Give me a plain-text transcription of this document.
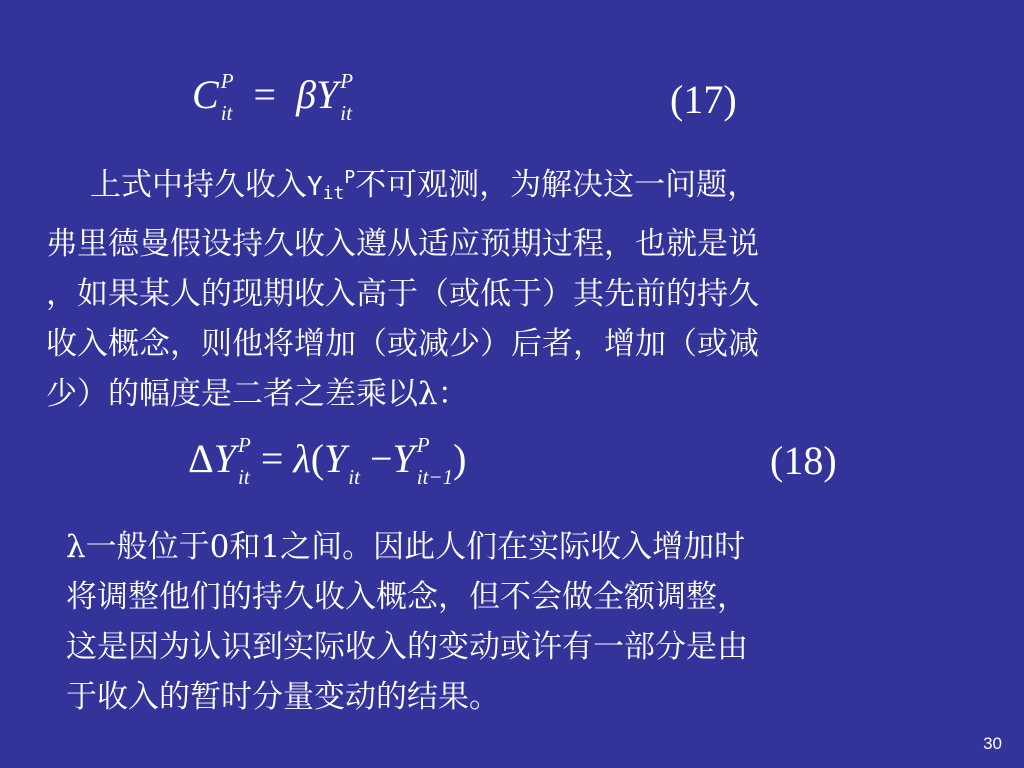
C P
it = βY P
it	(17)
上式中持久收入Yit$^P$不可观测，为解决这一问题，
弗里德曼假设持久收入遵从适应预期过程，也就是说
，如果某人的现期收入高于（或低于）其先前的持久
收入概念，则他将增加（或减少）后者，增加（或减
少）的幅度是二者之差乘以λ：
ΔY P
it = λ(Y
it −Y P
it−1 )	(18)
λ一般位于0和1之间。因此人们在实际收入增加时
将调整他们的持久收入概念，但不会做全额调整，
这是因为认识到实际收入的变动或许有一部分是由
于收入的暂时分量变动的结果。
30
